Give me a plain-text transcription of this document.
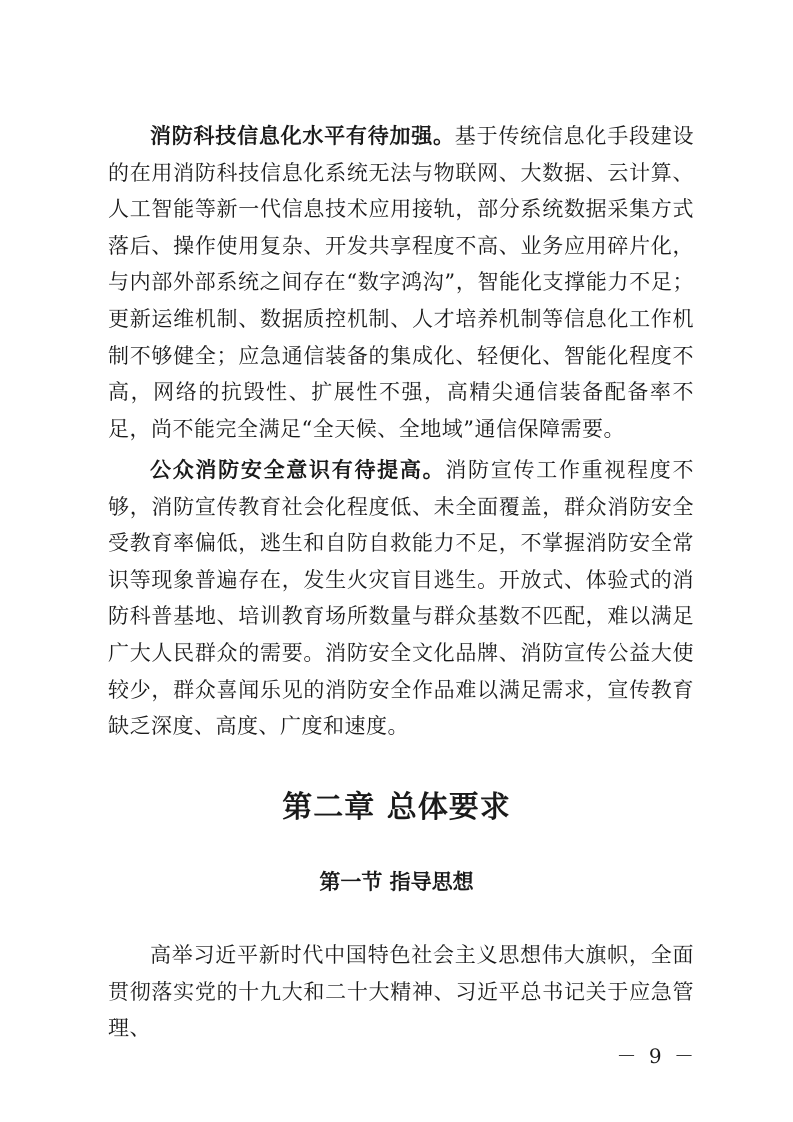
消防科技信息化水平有待加强。基于传统信息化手段建设的在用消防科技信息化系统无法与物联网、大数据、云计算、人工智能等新一代信息技术应用接轨，部分系统数据采集方式落后、操作使用复杂、开发共享程度不高、业务应用碎片化，与内部外部系统之间存在“数字鸿沟”，智能化支撑能力不足；更新运维机制、数据质控机制、人才培养机制等信息化工作机制不够健全；应急通信装备的集成化、轻便化、智能化程度不高，网络的抗毁性、扩展性不强，高精尖通信装备配备率不足，尚不能完全满足“全天候、全地域”通信保障需要。

公众消防安全意识有待提高。消防宣传工作重视程度不够，消防宣传教育社会化程度低、未全面覆盖，群众消防安全受教育率偏低，逃生和自防自救能力不足，不掌握消防安全常识等现象普遍存在，发生火灾盲目逃生。开放式、体验式的消防科普基地、培训教育场所数量与群众基数不匹配，难以满足广大人民群众的需要。消防安全文化品牌、消防宣传公益大使较少，群众喜闻乐见的消防安全作品难以满足需求，宣传教育缺乏深度、高度、广度和速度。

第二章 总体要求
第一节 指导思想

高举习近平新时代中国特色社会主义思想伟大旗帜，全面贯彻落实党的十九大和二十大精神、习近平总书记关于应急管理、

－ 9 －
